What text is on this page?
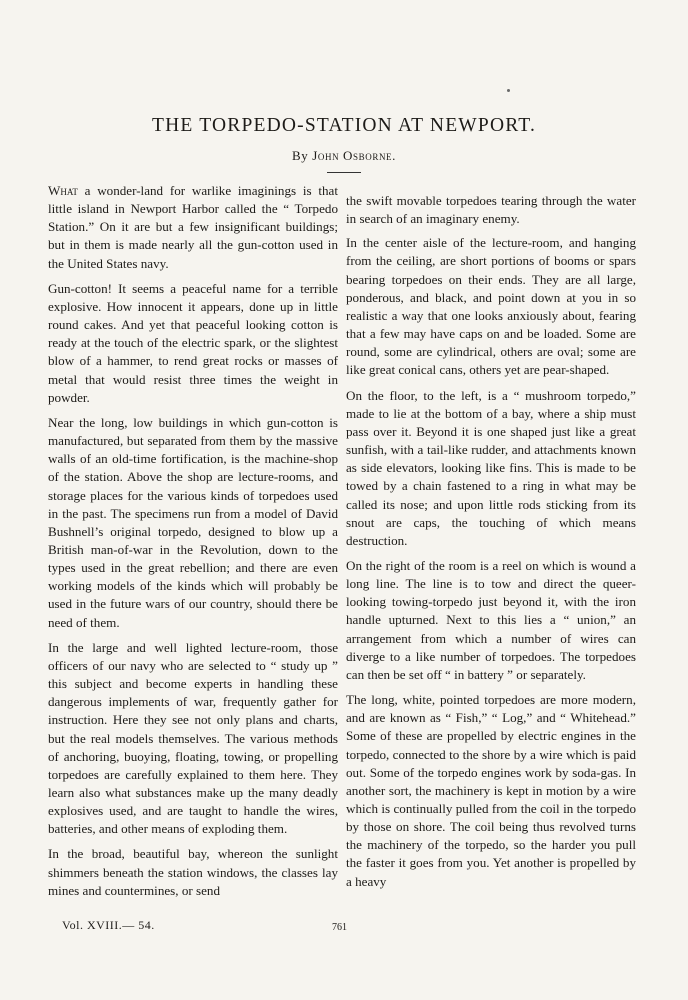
THE TORPEDO-STATION AT NEWPORT.
By John Osborne.

What a wonder-land for warlike imaginings is that little island in Newport Harbor called the “ Torpedo Station.” On it are but a few insignificant buildings; but in them is made nearly all the gun-cotton used in the United States navy.

Gun-cotton! It seems a peaceful name for a terrible explosive. How innocent it appears, done up in little round cakes. And yet that peaceful looking cotton is ready at the touch of the electric spark, or the slightest blow of a hammer, to rend great rocks or masses of metal that would resist three times the weight in powder.

Near the long, low buildings in which gun-cotton is manufactured, but separated from them by the massive walls of an old-time fortification, is the machine-shop of the station. Above the shop are lecture-rooms, and storage places for the various kinds of torpedoes used in the past. The specimens run from a model of David Bushnell’s original torpedo, designed to blow up a British man-of-war in the Revolution, down to the types used in the great rebellion; and there are even working models of the kinds which will probably be used in the future wars of our country, should there be need of them.

In the large and well lighted lecture-room, those officers of our navy who are selected to “ study up ” this subject and become experts in handling these dangerous implements of war, frequently gather for instruction. Here they see not only plans and charts, but the real models themselves. The various methods of anchoring, buoying, floating, towing, or propelling torpedoes are carefully explained to them here. They learn also what substances make up the many deadly explosives used, and are taught to handle the wires, batteries, and other means of exploding them.

In the broad, beautiful bay, whereon the sunlight shimmers beneath the station windows, the classes lay mines and countermines, or send

the swift movable torpedoes tearing through the water in search of an imaginary enemy.

In the center aisle of the lecture-room, and hanging from the ceiling, are short portions of booms or spars bearing torpedoes on their ends. They are all large, ponderous, and black, and point down at you in so realistic a way that one looks anxiously about, fearing that a few may have caps on and be loaded. Some are round, some are cylindrical, others are oval; some are like great conical cans, others yet are pear-shaped.

On the floor, to the left, is a “ mushroom torpedo,” made to lie at the bottom of a bay, where a ship must pass over it. Beyond it is one shaped just like a great sunfish, with a tail-like rudder, and attachments known as side elevators, looking like fins. This is made to be towed by a chain fastened to a ring in what may be called its nose; and upon little rods sticking from its snout are caps, the touching of which means destruction.

On the right of the room is a reel on which is wound a long line. The line is to tow and direct the queer-looking towing-torpedo just beyond it, with the iron handle upturned. Next to this lies a “ union,” an arrangement from which a number of wires can diverge to a like number of torpedoes. The torpedoes can then be set off “ in battery ” or separately.

The long, white, pointed torpedoes are more modern, and are known as “ Fish,” “ Log,” and “ Whitehead.” Some of these are propelled by electric engines in the torpedo, connected to the shore by a wire which is paid out. Some of the torpedo engines work by soda-gas. In another sort, the machinery is kept in motion by a wire which is continually pulled from the coil in the torpedo by those on shore. The coil being thus revolved turns the machinery of the torpedo, so the harder you pull the faster it goes from you. Yet another is propelled by a heavy

Vol. XVIII.— 54.	761
